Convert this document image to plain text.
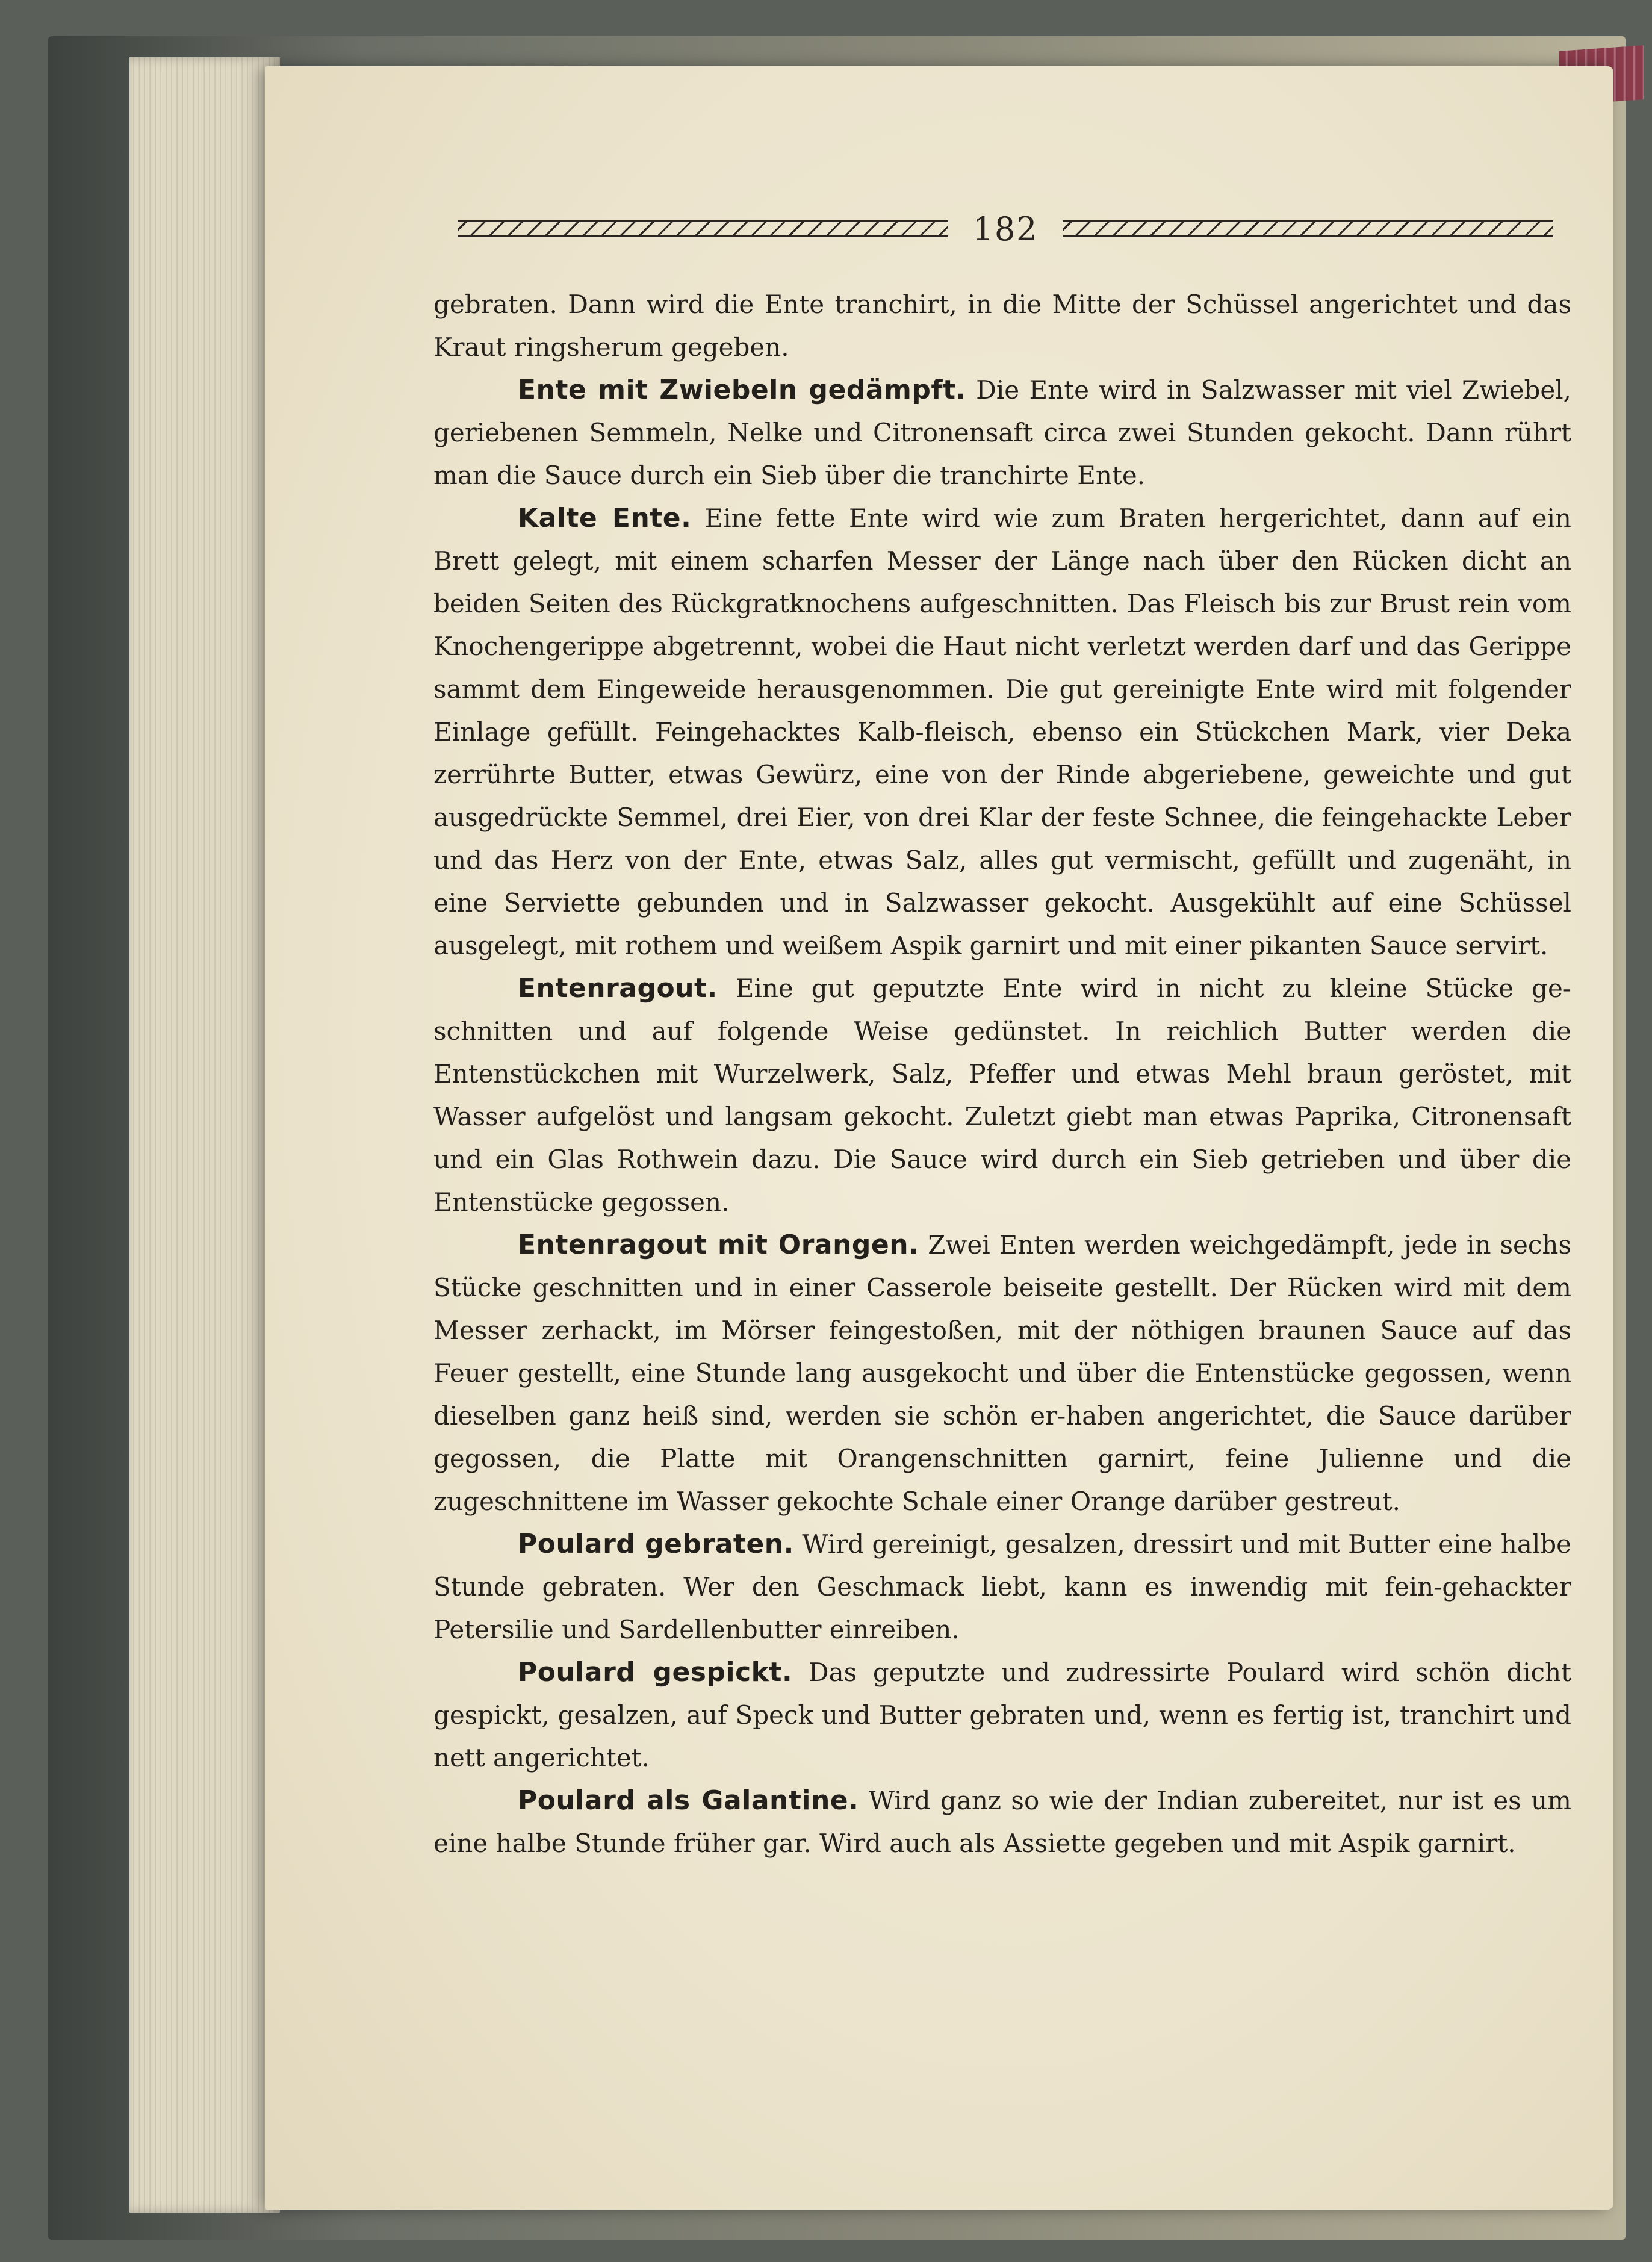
182

gebraten. Dann wird die Ente tranchirt, in die Mitte der Schüssel angerichtet und das Kraut ringsherum gegeben.

Ente mit Zwiebeln gedämpft. Die Ente wird in Salzwasser mit viel Zwiebel, geriebenen Semmeln, Nelke und Citronensaft circa zwei Stunden gekocht. Dann rührt man die Sauce durch ein Sieb über die tranchirte Ente.

Kalte Ente. Eine fette Ente wird wie zum Braten hergerichtet, dann auf ein Brett gelegt, mit einem scharfen Messer der Länge nach über den Rücken dicht an beiden Seiten des Rückgratknochens aufgeschnitten. Das Fleisch bis zur Brust rein vom Knochengerippe abgetrennt, wobei die Haut nicht verletzt werden darf und das Gerippe sammt dem Eingeweide herausgenommen. Die gut gereinigte Ente wird mit folgender Einlage gefüllt. Feingehacktes Kalb-fleisch, ebenso ein Stückchen Mark, vier Deka zerrührte Butter, etwas Gewürz, eine von der Rinde abgeriebene, geweichte und gut ausgedrückte Semmel, drei Eier, von drei Klar der feste Schnee, die feingehackte Leber und das Herz von der Ente, etwas Salz, alles gut vermischt, gefüllt und zugenäht, in eine Serviette gebunden und in Salzwasser gekocht. Ausgekühlt auf eine Schüssel ausgelegt, mit rothem und weißem Aspik garnirt und mit einer pikanten Sauce servirt.

Entenragout. Eine gut geputzte Ente wird in nicht zu kleine Stücke ge-schnitten und auf folgende Weise gedünstet. In reichlich Butter werden die Entenstückchen mit Wurzelwerk, Salz, Pfeffer und etwas Mehl braun geröstet, mit Wasser aufgelöst und langsam gekocht. Zuletzt giebt man etwas Paprika, Citronensaft und ein Glas Rothwein dazu. Die Sauce wird durch ein Sieb getrieben und über die Entenstücke gegossen.

Entenragout mit Orangen. Zwei Enten werden weichgedämpft, jede in sechs Stücke geschnitten und in einer Casserole beiseite gestellt. Der Rücken wird mit dem Messer zerhackt, im Mörser feingestoßen, mit der nöthigen braunen Sauce auf das Feuer gestellt, eine Stunde lang ausgekocht und über die Entenstücke gegossen, wenn dieselben ganz heiß sind, werden sie schön er-haben angerichtet, die Sauce darüber gegossen, die Platte mit Orangenschnitten garnirt, feine Julienne und die zugeschnittene im Wasser gekochte Schale einer Orange darüber gestreut.

Poulard gebraten. Wird gereinigt, gesalzen, dressirt und mit Butter eine halbe Stunde gebraten. Wer den Geschmack liebt, kann es inwendig mit fein-gehackter Petersilie und Sardellenbutter einreiben.

Poulard gespickt. Das geputzte und zudressirte Poulard wird schön dicht gespickt, gesalzen, auf Speck und Butter gebraten und, wenn es fertig ist, tranchirt und nett angerichtet.

Poulard als Galantine. Wird ganz so wie der Indian zubereitet, nur ist es um eine halbe Stunde früher gar. Wird auch als Assiette gegeben und mit Aspik garnirt.
